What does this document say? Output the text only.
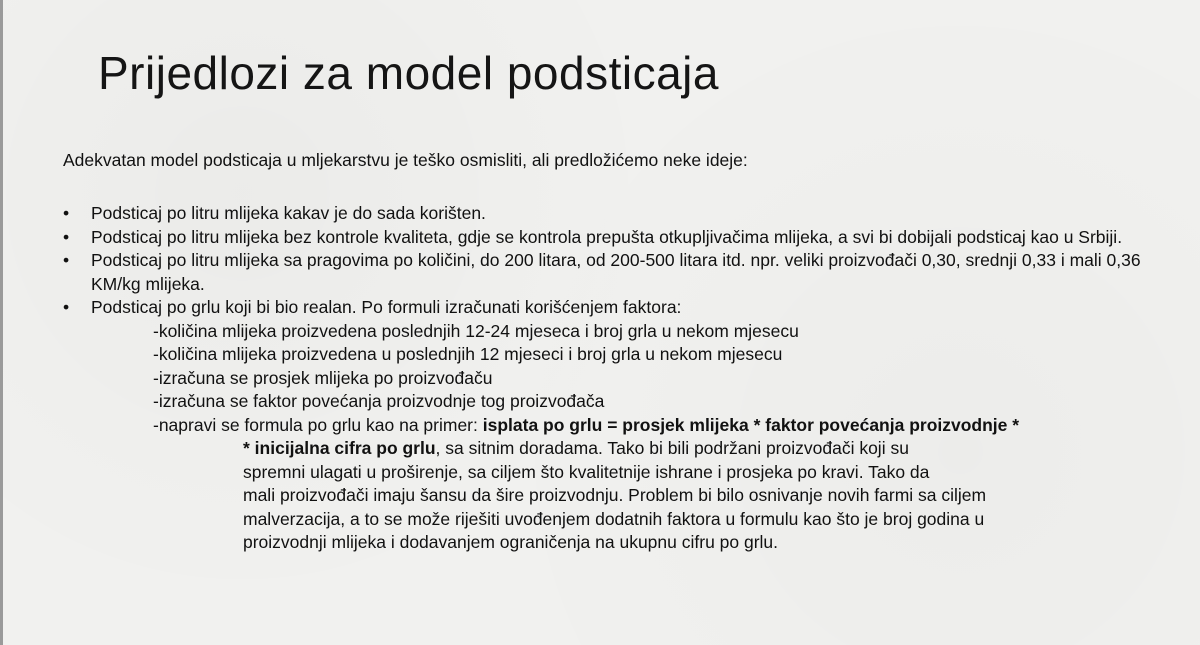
Prijedlozi za model podsticaja

Adekvatan model podsticaja u mljekarstvu je teško osmisliti, ali predložićemo neke ideje:

• Podsticaj po litru mlijeka kakav je do sada korišten.
• Podsticaj po litru mlijeka bez kontrole kvaliteta, gdje se kontrola prepušta otkupljivačima mlijeka, a svi bi dobijali podsticaj kao u Srbiji.
• Podsticaj po litru mlijeka sa pragovima po količini, do 200 litara, od 200-500 litara itd. npr. veliki proizvođači 0,30, srednji 0,33 i mali 0,36 KM/kg mlijeka.
• Podsticaj po grlu koji bi bio realan. Po formuli izračunati korišćenjem faktora:
-količina mlijeka proizvedena poslednjih 12-24 mjeseca i broj grla u nekom mjesecu
-količina mlijeka proizvedena u poslednjih 12 mjeseci i broj grla u nekom mjesecu
-izračuna se prosjek mlijeka po proizvođaču
-izračuna se faktor povećanja proizvodnje tog proizvođača
-napravi se formula po grlu kao na primer: isplata po grlu = prosjek mlijeka * faktor povećanja proizvodnje *
* inicijalna cifra po grlu, sa sitnim doradama. Tako bi bili podržani proizvođači koji su
spremni ulagati u proširenje, sa ciljem što kvalitetnije ishrane i prosjeka po kravi. Tako da
mali proizvođači imaju šansu da šire proizvodnju. Problem bi bilo osnivanje novih farmi sa ciljem
malverzacija, a to se može riješiti uvođenjem dodatnih faktora u formulu kao što je broj godina u
proizvodnji mlijeka i dodavanjem ograničenja na ukupnu cifru po grlu.
